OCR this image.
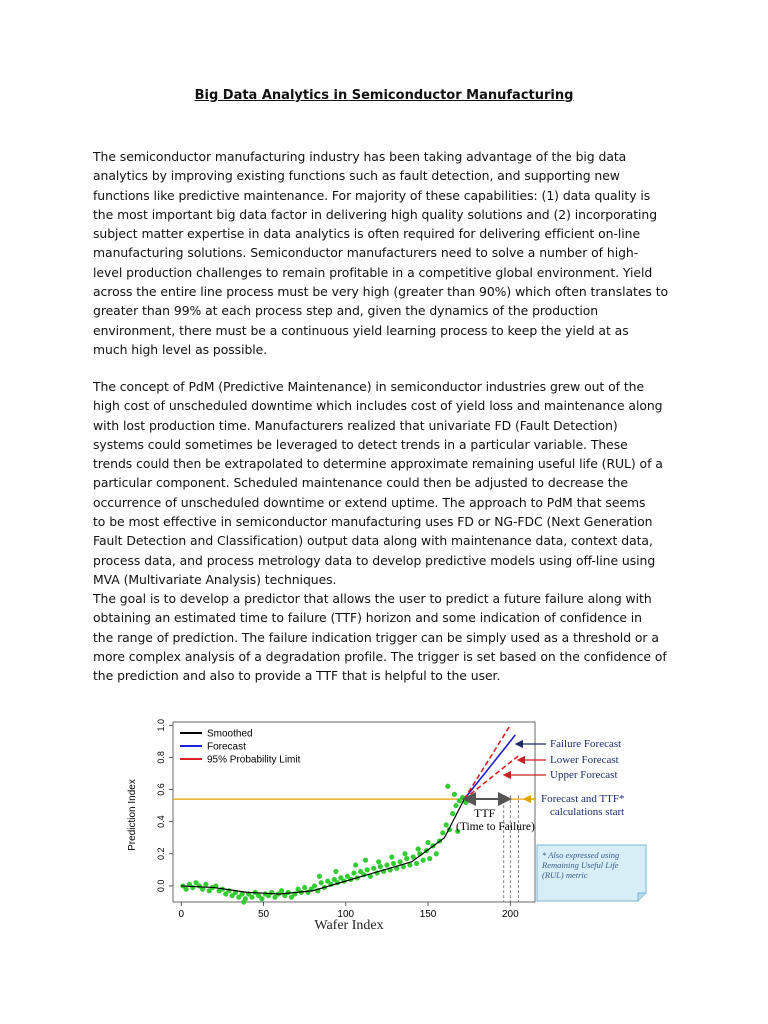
Big Data Analytics in Semiconductor Manufacturing
The semiconductor manufacturing industry has been taking advantage of the big data
analytics by improving existing functions such as fault detection, and supporting new
functions like predictive maintenance. For majority of these capabilities: (1) data quality is
the most important big data factor in delivering high quality solutions and (2) incorporating
subject matter expertise in data analytics is often required for delivering efficient on-line
manufacturing solutions. Semiconductor manufacturers need to solve a number of high-
level production challenges to remain profitable in a competitive global environment. Yield
across the entire line process must be very high (greater than 90%) which often translates to
greater than 99% at each process step and, given the dynamics of the production
environment, there must be a continuous yield learning process to keep the yield at as
much high level as possible.
The concept of PdM (Predictive Maintenance) in semiconductor industries grew out of the
high cost of unscheduled downtime which includes cost of yield loss and maintenance along
with lost production time. Manufacturers realized that univariate FD (Fault Detection)
systems could sometimes be leveraged to detect trends in a particular variable. These
trends could then be extrapolated to determine approximate remaining useful life (RUL) of a
particular component. Scheduled maintenance could then be adjusted to decrease the
occurrence of unscheduled downtime or extend uptime. The approach to PdM that seems
to be most effective in semiconductor manufacturing uses FD or NG-FDC (Next Generation
Fault Detection and Classification) output data along with maintenance data, context data,
process data, and process metrology data to develop predictive models using off-line using
MVA (Multivariate Analysis) techniques.
The goal is to develop a predictor that allows the user to predict a future failure along with
obtaining an estimated time to failure (TTF) horizon and some indication of confidence in
the range of prediction. The failure indication trigger can be simply used as a threshold or a
more complex analysis of a degradation profile. The trigger is set based on the confidence of
the prediction and also to provide a TTF that is helpful to the user.
0	50	100	150	200
0.0
0.2
0.4
0.6
0.8
1.0
Smoothed
Forecast
95% Probability Limit
Prediction Index
Wafer Index
TTF
(Time to Failure)
Failure Forecast
Lower Forecast
Upper Forecast
Forecast and TTF*
calculations start
* Also expressed using
Remaining Useful Life
(RUL) metric
